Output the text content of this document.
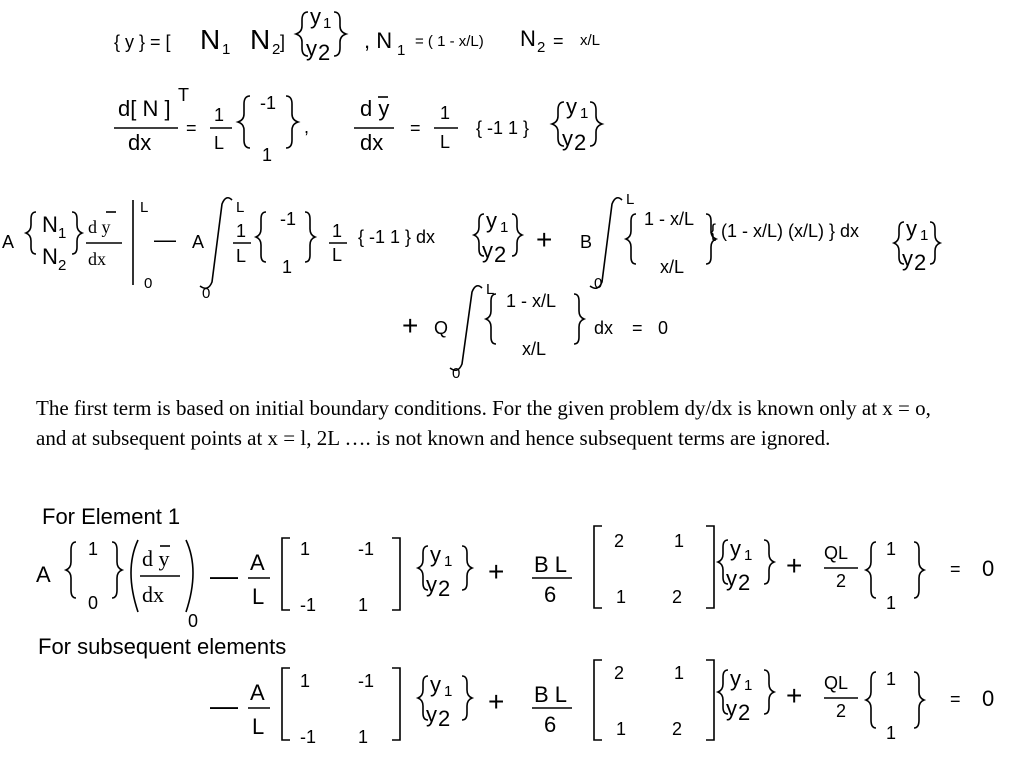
{ y } = [ N 1 N 2 ]
y 1
y 2 , N 1
= ( 1 - x/L) N 2 = x/L
d[ N ]
T
dx
=
1
L
-1
1
,
d y
dx
=
1
L
{ -1 1 }
y 1
y 2
A
N 1
N 2
d y
dx
L
0
— A
L
0
1
L
-1
1
1
L
{ -1 1 } dx
y 1
y 2 + B
L
0
1 - x/L
x/L
{ (1 - x/L) (x/L) } dx y 1
y 2
+ Q
L
0
1 - x/L
x/L
dx = 0
The first term is based on initial boundary conditions. For the given problem dy/dx is known only at x = o, and at subsequent points at x = l, 2L …. is not known and hence subsequent terms are ignored.
For Element 1
A
1
0
d y
dx
0
— A
L
1	-1
-1 1
y 1
y 2
+ B L
6
2	1
1	2
y 1
y 2
+ QL
2
1
1
= 0
For subsequent elements
— A
L
1	-1
-1 1
y 1
y 2
+ B L
6
2	1
1	2
y 1
y 2
+ QL
2
1
1
= 0
